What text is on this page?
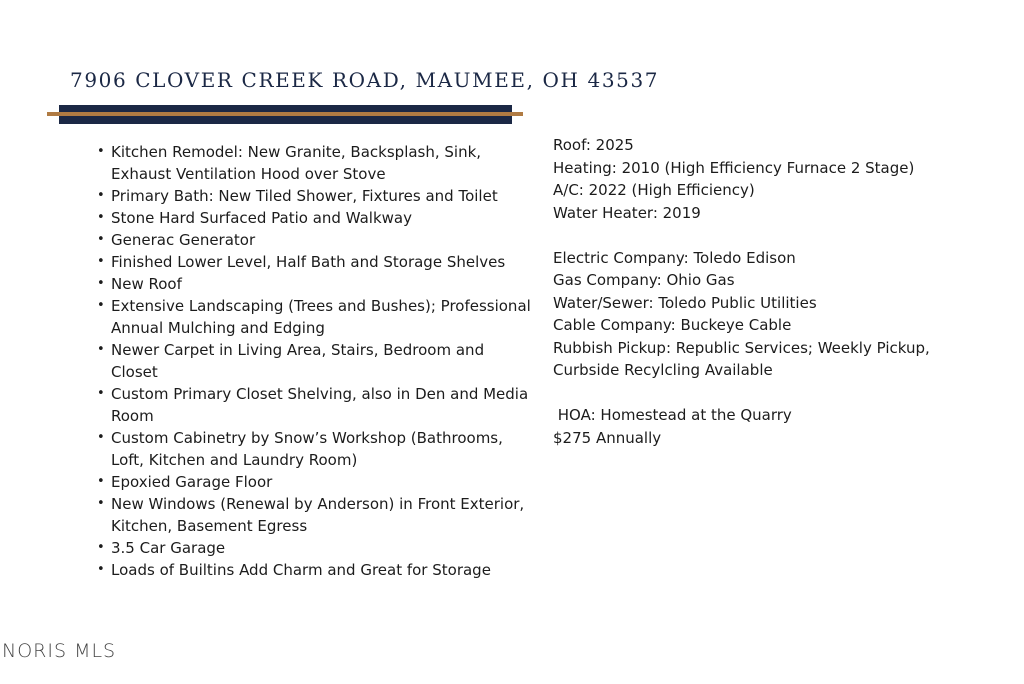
7906 CLOVER CREEK ROAD, MAUMEE, OH 43537
• Kitchen Remodel: New Granite, Backsplash, Sink, Exhaust Ventilation Hood over Stove
• Primary Bath: New Tiled Shower, Fixtures and Toilet
• Stone Hard Surfaced Patio and Walkway
• Generac Generator
• Finished Lower Level, Half Bath and Storage Shelves
• New Roof
• Extensive Landscaping (Trees and Bushes); Professional Annual Mulching and Edging
• Newer Carpet in Living Area, Stairs, Bedroom and Closet
• Custom Primary Closet Shelving, also in Den and Media Room
• Custom Cabinetry by Snow’s Workshop (Bathrooms, Loft, Kitchen and Laundry Room)
• Epoxied Garage Floor
• New Windows (Renewal by Anderson) in Front Exterior, Kitchen, Basement Egress
• 3.5 Car Garage
• Loads of Builtins Add Charm and Great for Storage
Roof: 2025
Heating: 2010 (High Efficiency Furnace 2 Stage)
A/C: 2022 (High Efficiency)
Water Heater: 2019
Electric Company: Toledo Edison
Gas Company: Ohio Gas
Water/Sewer: Toledo Public Utilities
Cable Company: Buckeye Cable
Rubbish Pickup: Republic Services; Weekly Pickup,
Curbside Recylcling Available
HOA: Homestead at the Quarry
$275 Annually
NORIS MLS
